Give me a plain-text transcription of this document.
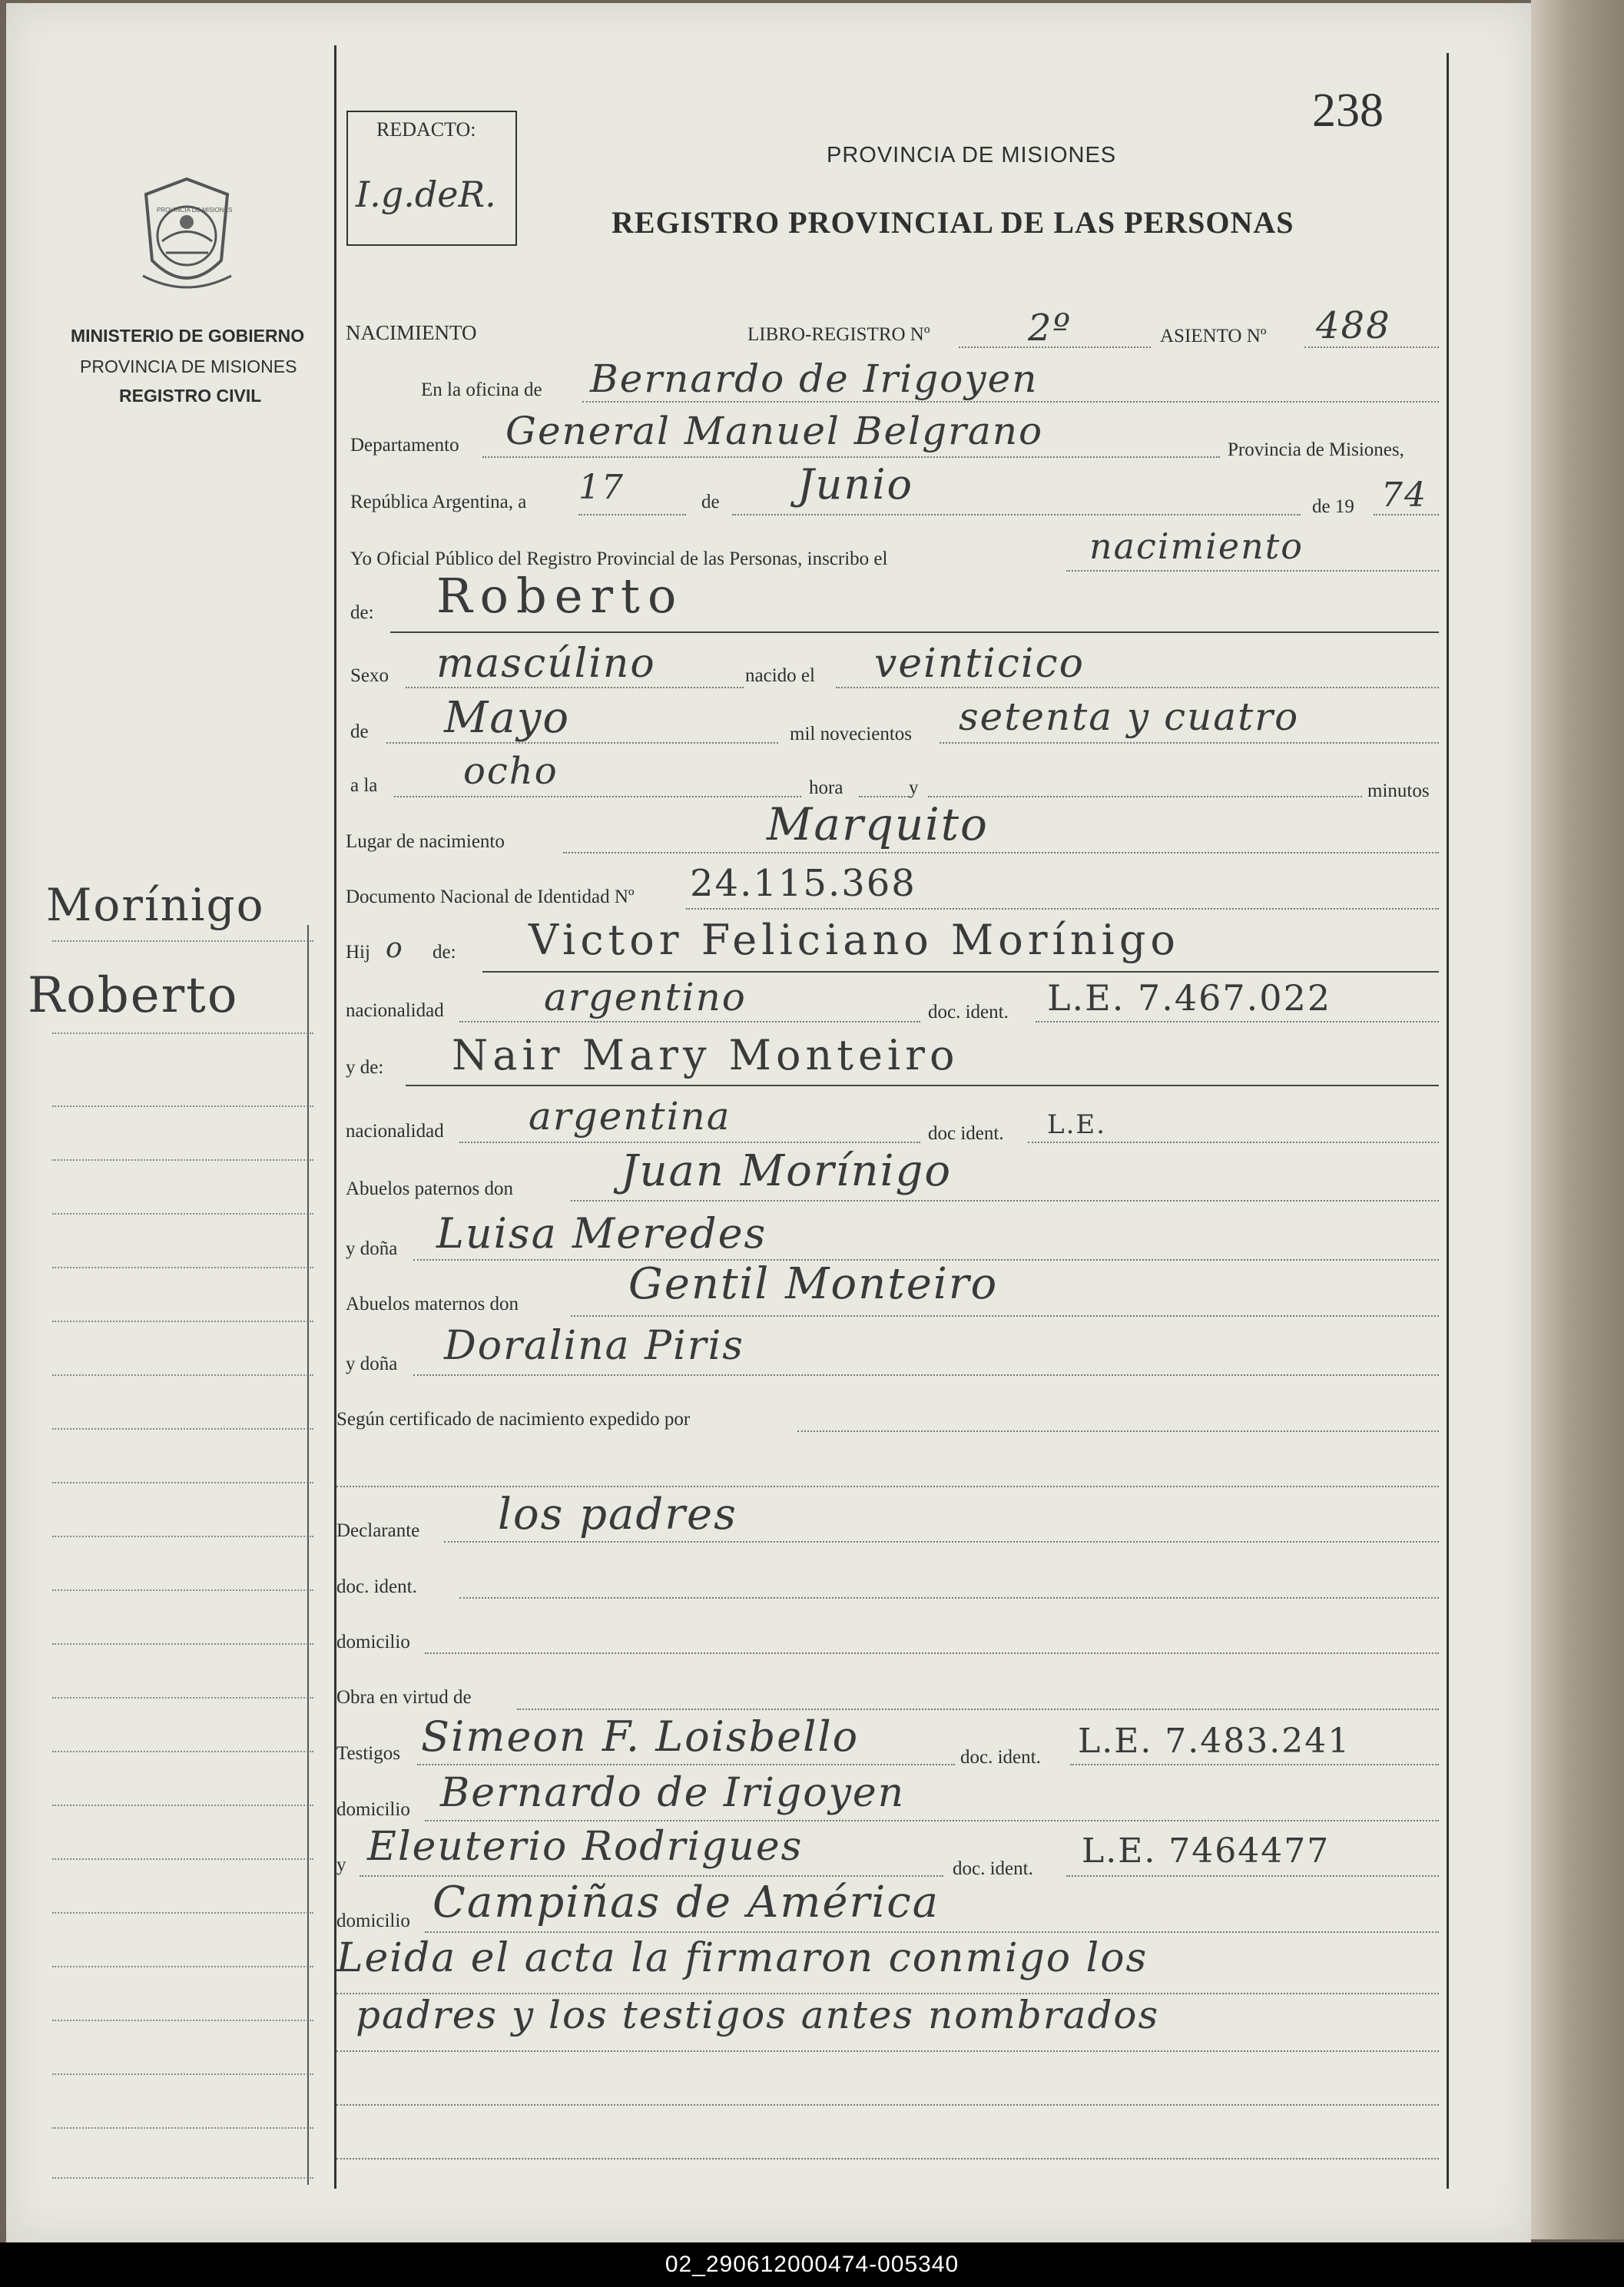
238
REDACTO:
I.g.deR.
PROVINCIA DE MISIONES
REGISTRO PROVINCIAL DE LAS PERSONAS
PROVINCIA DE MISIONES
MINISTERIO DE GOBIERNO
PROVINCIA DE MISIONES
REGISTRO CIVIL
Morínigo
Roberto
NACIMIENTO	LIBRO-REGISTRO Nº	2º	ASIENTO Nº 488
En la oficina de Bernardo de Irigoyen
Departamento General Manuel Belgrano	Provincia de Misiones,
República Argentina, a 17	de Junio	de 19 74
Yo Oficial Público del Registro Provincial de las Personas, inscribo el	nacimiento
de: Roberto
Sexo mascúlino	nacido el veinticico
de Mayo	mil novecientos setenta y cuatro
a la ocho	hora	y	minutos
Lugar de nacimiento	Marquito
Documento Nacional de Identidad Nº 24.115.368
Hij o de: Victor Feliciano Morínigo
nacionalidad	argentino	doc. ident. L.E. 7.467.022
y de: Nair Mary Monteiro
nacionalidad argentina	doc ident. L.E.
Abuelos paternos don Juan Morínigo
y doña Luisa Meredes
Abuelos maternos don	Gentil Monteiro
y doña Doralina Piris
Según certificado de nacimiento expedido por
Declarante los padres
doc. ident.
domicilio
Obra en virtud de
Testigos Simeon F. Loisbello	doc. ident. L.E. 7.483.241
domicilio Bernardo de Irigoyen
y Eleuterio Rodrigues	doc. ident. L.E. 7464477
domicilio Campiñas de América
Leida el acta la firmaron conmigo los
padres y los testigos antes nombrados
02_290612000474-005340
